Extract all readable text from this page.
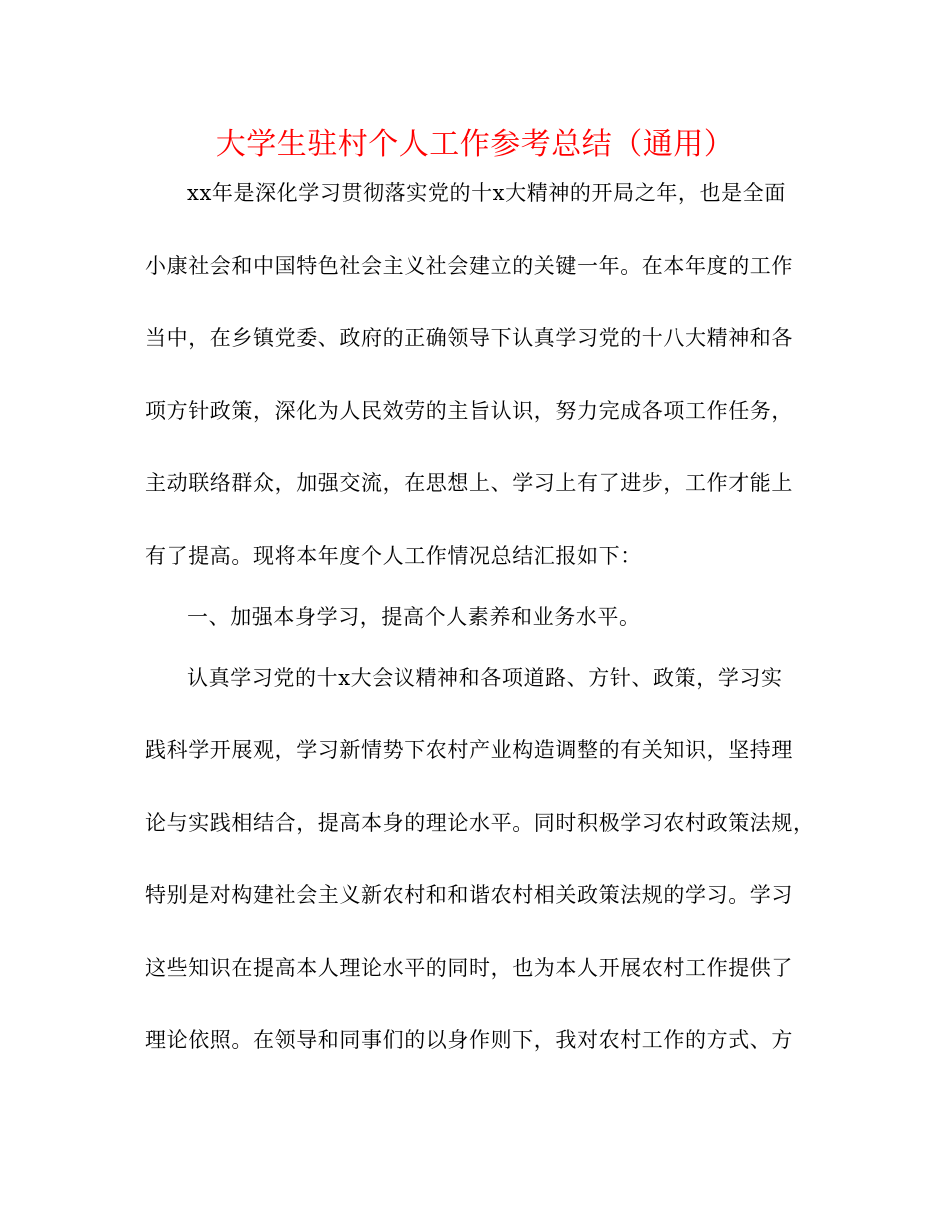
大学生驻村个人工作参考总结（通用）
xx年是深化学习贯彻落实党的十x大精神的开局之年，也是全面
小康社会和中国特色社会主义社会建立的关键一年。在本年度的工作
当中，在乡镇党委、政府的正确领导下认真学习党的十八大精神和各
项方针政策，深化为人民效劳的主旨认识，努力完成各项工作任务，
主动联络群众，加强交流，在思想上、学习上有了进步，工作才能上
有了提高。现将本年度个人工作情况总结汇报如下：
一、加强本身学习，提高个人素养和业务水平。
认真学习党的十x大会议精神和各项道路、方针、政策，学习实
践科学开展观，学习新情势下农村产业构造调整的有关知识，坚持理
论与实践相结合，提高本身的理论水平。同时积极学习农村政策法规，
特别是对构建社会主义新农村和和谐农村相关政策法规的学习。学习
这些知识在提高本人理论水平的同时，也为本人开展农村工作提供了
理论依照。在领导和同事们的以身作则下，我对农村工作的方式、方
